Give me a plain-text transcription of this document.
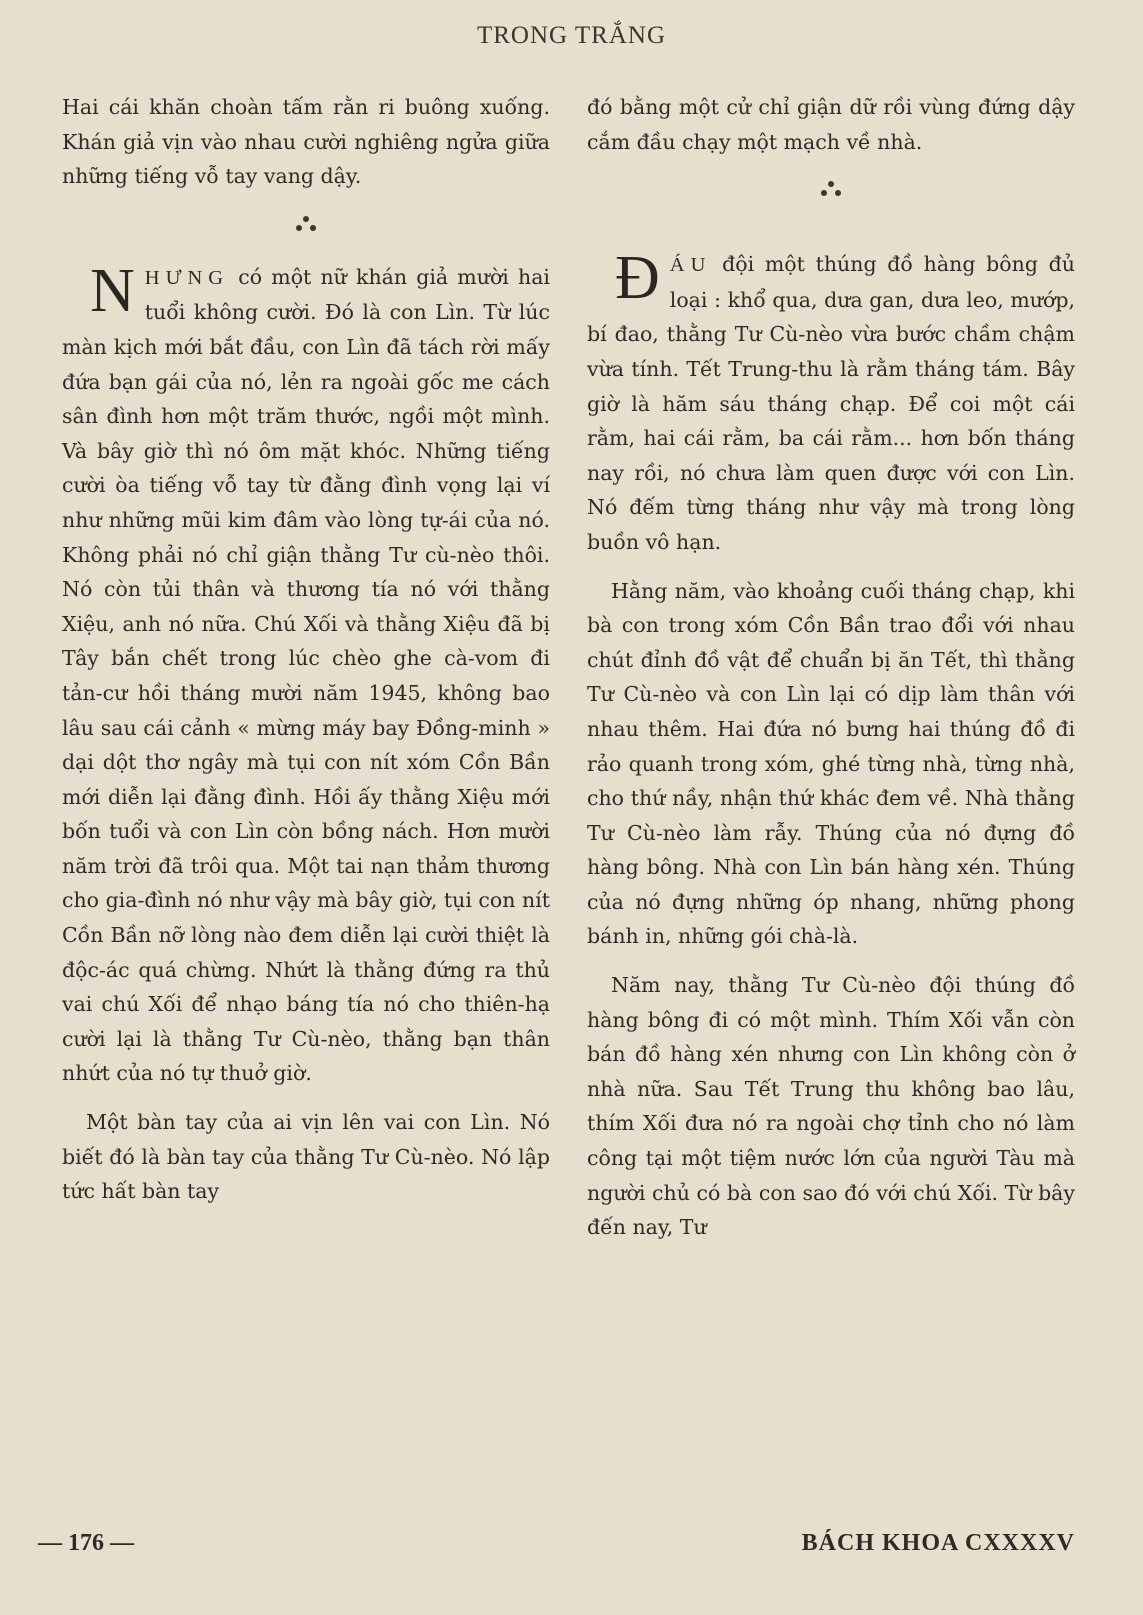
TRONG TRẮNG

Hai cái khăn choàn tấm rằn ri buông xuống. Khán giả vịn vào nhau cười nghiêng ngửa giữa những tiếng vỗ tay vang dậy.

NHƯNG có một nữ khán giả mười hai tuổi không cười. Đó là con Lìn. Từ lúc màn kịch mới bắt đầu, con Lìn đã tách rời mấy đứa bạn gái của nó, lẻn ra ngoài gốc me cách sân đình hơn một trăm thước, ngồi một mình. Và bây giờ thì nó ôm mặt khóc. Những tiếng cười òa tiếng vỗ tay từ đằng đình vọng lại ví như những mũi kim đâm vào lòng tự-ái của nó. Không phải nó chỉ giận thằng Tư cù-nèo thôi. Nó còn tủi thân và thương tía nó với thằng Xiệu, anh nó nữa. Chú Xối và thằng Xiệu đã bị Tây bắn chết trong lúc chèo ghe cà-vom đi tản-cư hồi tháng mười năm 1945, không bao lâu sau cái cảnh « mừng máy bay Đồng-minh » dại dột thơ ngây mà tụi con nít xóm Cồn Bần mới diễn lại đằng đình. Hồi ấy thằng Xiệu mới bốn tuổi và con Lìn còn bồng nách. Hơn mười năm trời đã trôi qua. Một tai nạn thảm thương cho gia-đình nó như vậy mà bây giờ, tụi con nít Cồn Bần nỡ lòng nào đem diễn lại cười thiệt là độc-ác quá chừng. Nhứt là thằng đứng ra thủ vai chú Xối để nhạo báng tía nó cho thiên-hạ cười lại là thằng Tư Cù-nèo, thằng bạn thân nhứt của nó tự thuở giờ.

Một bàn tay của ai vịn lên vai con Lìn. Nó biết đó là bàn tay của thằng Tư Cù-nèo. Nó lập tức hất bàn tay

đó bằng một cử chỉ giận dữ rồi vùng đứng dậy cắm đầu chạy một mạch về nhà.

ĐÁU đội một thúng đồ hàng bông đủ loại : khổ qua, dưa gan, dưa leo, mướp, bí đao, thằng Tư Cù-nèo vừa bước chầm chậm vừa tính. Tết Trung-thu là rằm tháng tám. Bây giờ là hăm sáu tháng chạp. Để coi một cái rằm, hai cái rằm, ba cái rằm... hơn bốn tháng nay rồi, nó chưa làm quen được với con Lìn. Nó đếm từng tháng như vậy mà trong lòng buồn vô hạn.

Hằng năm, vào khoảng cuối tháng chạp, khi bà con trong xóm Cồn Bần trao đổi với nhau chút đỉnh đồ vật để chuẩn bị ăn Tết, thì thằng Tư Cù-nèo và con Lìn lại có dịp làm thân với nhau thêm. Hai đứa nó bưng hai thúng đồ đi rảo quanh trong xóm, ghé từng nhà, từng nhà, cho thứ nầy, nhận thứ khác đem về. Nhà thằng Tư Cù-nèo làm rẫy. Thúng của nó đựng đồ hàng bông. Nhà con Lìn bán hàng xén. Thúng của nó đựng những óp nhang, những phong bánh in, những gói chà-là.

Năm nay, thằng Tư Cù-nèo đội thúng đồ hàng bông đi có một mình. Thím Xối vẫn còn bán đồ hàng xén nhưng con Lìn không còn ở nhà nữa. Sau Tết Trung thu không bao lâu, thím Xối đưa nó ra ngoài chợ tỉnh cho nó làm công tại một tiệm nước lớn của người Tàu mà người chủ có bà con sao đó với chú Xối. Từ bây đến nay, Tư

— 176 —	BÁCH KHOA CXXXXV
